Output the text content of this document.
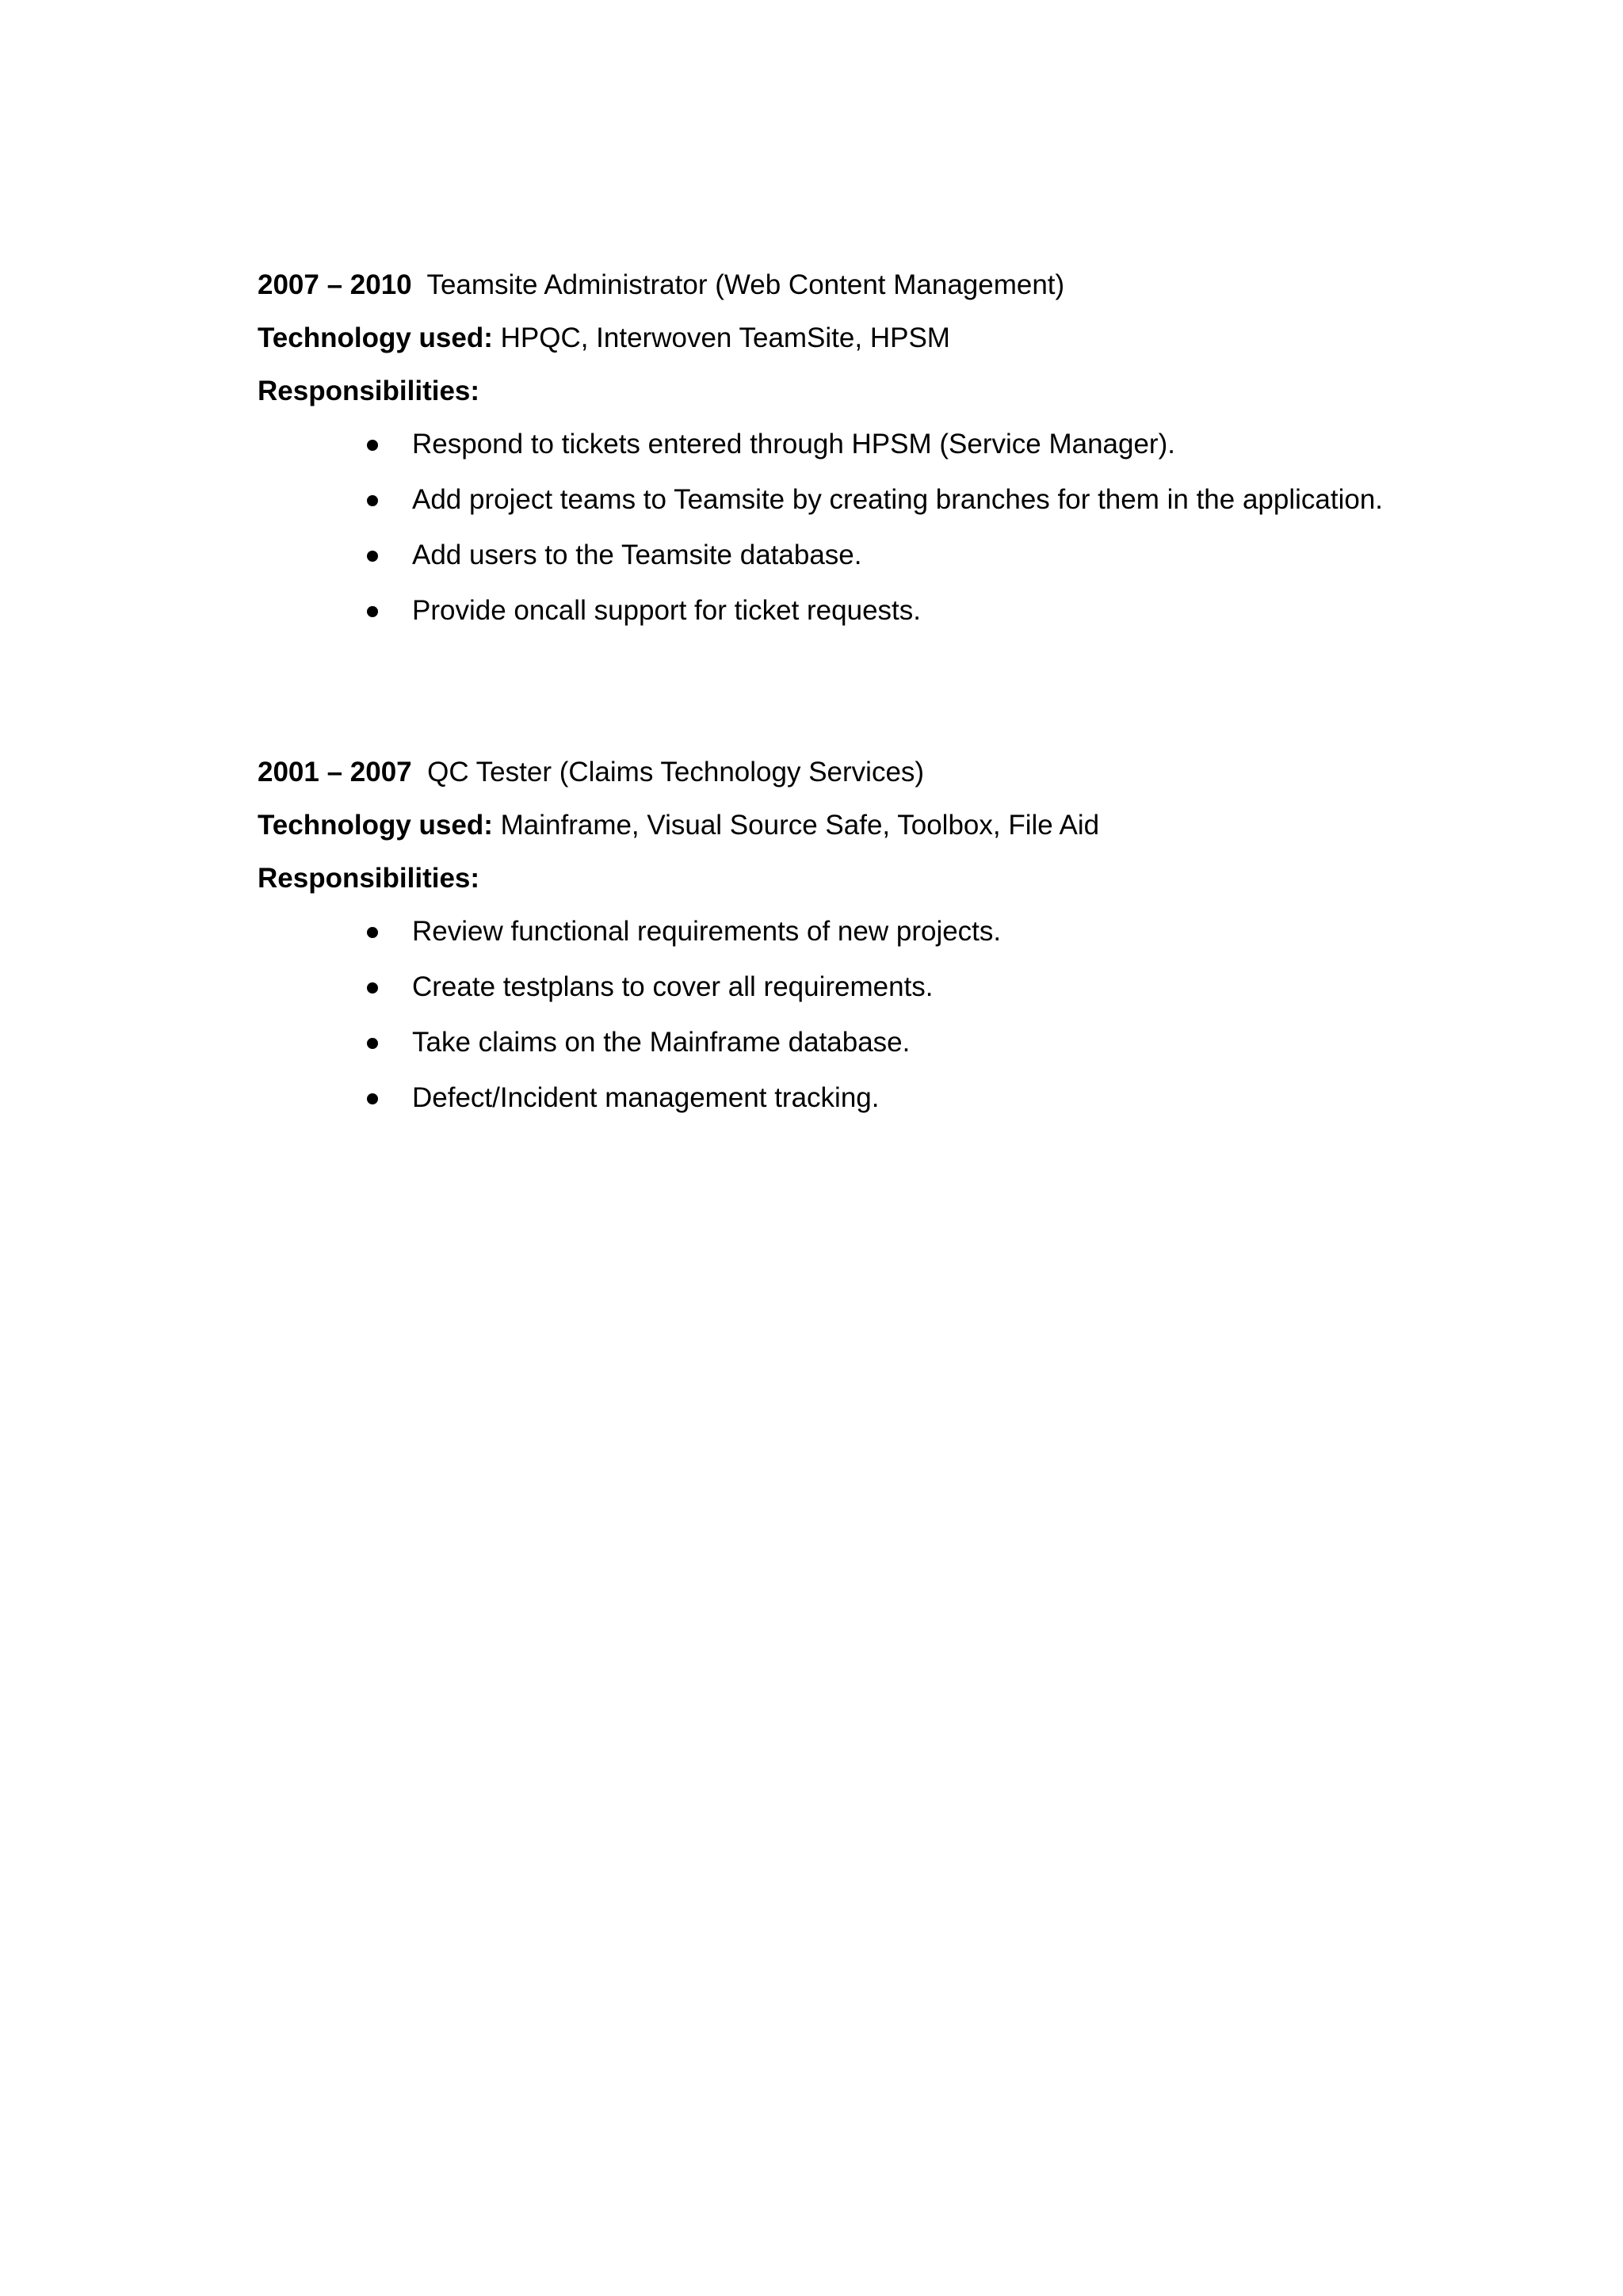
2007 – 2010 Teamsite Administrator (Web Content Management)
Technology used: HPQC, Interwoven TeamSite, HPSM
Responsibilities:
Respond to tickets entered through HPSM (Service Manager).
Add project teams to Teamsite by creating branches for them in the application.
Add users to the Teamsite database.
Provide oncall support for ticket requests.
2001 – 2007 QC Tester (Claims Technology Services)
Technology used: Mainframe, Visual Source Safe, Toolbox, File Aid
Responsibilities:
Review functional requirements of new projects.
Create testplans to cover all requirements.
Take claims on the Mainframe database.
Defect/Incident management tracking.
